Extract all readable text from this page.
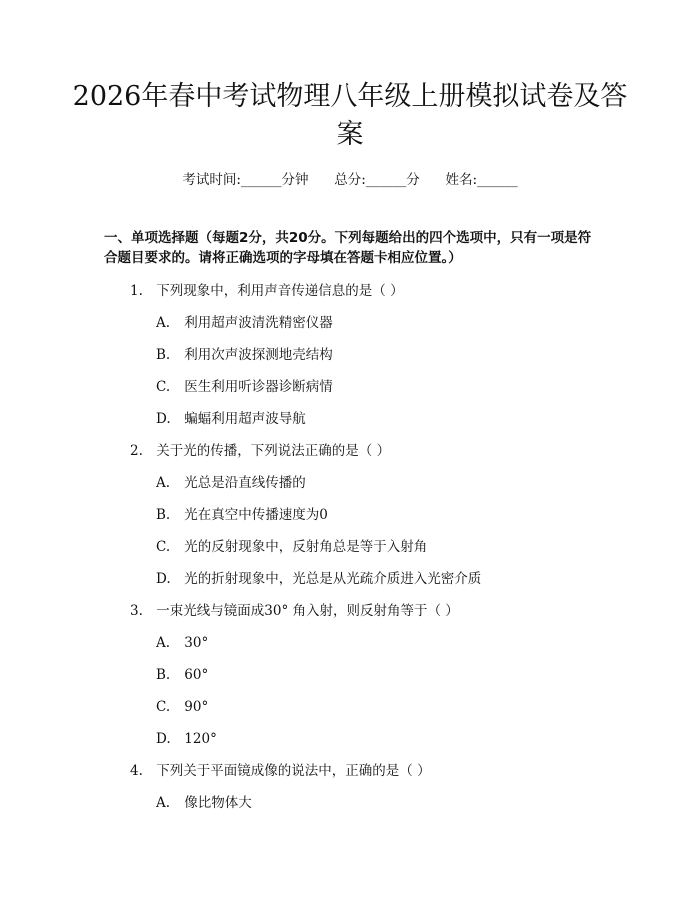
2026年春中考试物理八年级上册模拟试卷及答案
考试时间:______分钟 总分:______分 姓名:______
一、单项选择题（每题2分，共20分。下列每题给出的四个选项中，只有一项是符合题目要求的。请将正确选项的字母填在答题卡相应位置。）
1. 下列现象中，利用声音传递信息的是（ ）
A. 利用超声波清洗精密仪器
B. 利用次声波探测地壳结构
C. 医生利用听诊器诊断病情
D. 蝙蝠利用超声波导航
2. 关于光的传播，下列说法正确的是（ ）
A. 光总是沿直线传播的
B. 光在真空中传播速度为0
C. 光的反射现象中，反射角总是等于入射角
D. 光的折射现象中，光总是从光疏介质进入光密介质
3. 一束光线与镜面成30° 角入射，则反射角等于（ ）
A. 30°
B. 60°
C. 90°
D. 120°
4. 下列关于平面镜成像的说法中，正确的是（ ）
A. 像比物体大
